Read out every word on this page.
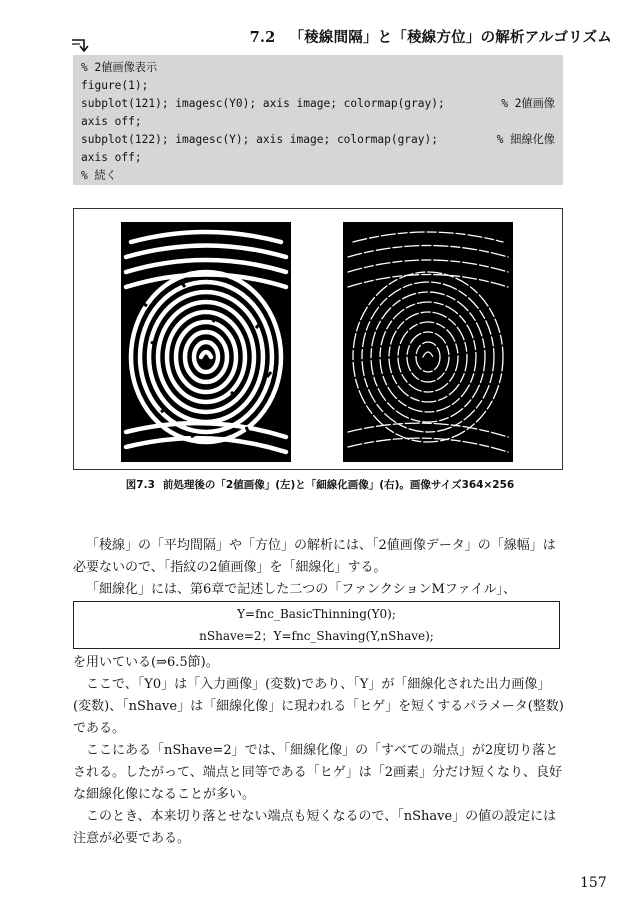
7.2 「稜線間隔」と「稜線方位」の解析アルゴリズム
% 2値画像表示
figure(1);
subplot(121); imagesc(Y0); axis image; colormap(gray);	% 2値画像
axis off;
subplot(122); imagesc(Y); axis image; colormap(gray);	% 細線化像
axis off;
% 続く
図7.3 前処理後の「2値画像」(左)と「細線化画像」(右)。画像サイズ364×256

「稜線」の「平均間隔」や「方位」の解析には、「2値画像データ」の「線幅」は必要ないので、「指紋の2値画像」を「細線化」する。

「細線化」には、第6章で記述した二つの「ファンクションMファイル」、

Y=fnc_BasicThinning(Y0);
nShave=2；Y=fnc_Shaving(Y,nShave);

を用いている(⇒6.5節)。

ここで、「Y0」は「入力画像」(変数)であり、「Y」が「細線化された出力画像」(変数)、「nShave」は「細線化像」に現われる「ヒゲ」を短くするパラメータ(整数)である。

ここにある「nShave=2」では、「細線化像」の「すべての端点」が2度切り落とされる。したがって、端点と同等である「ヒゲ」は「2画素」分だけ短くなり、良好な細線化像になることが多い。

このとき、本来切り落とせない端点も短くなるので、「nShave」の値の設定には注意が必要である。

157
